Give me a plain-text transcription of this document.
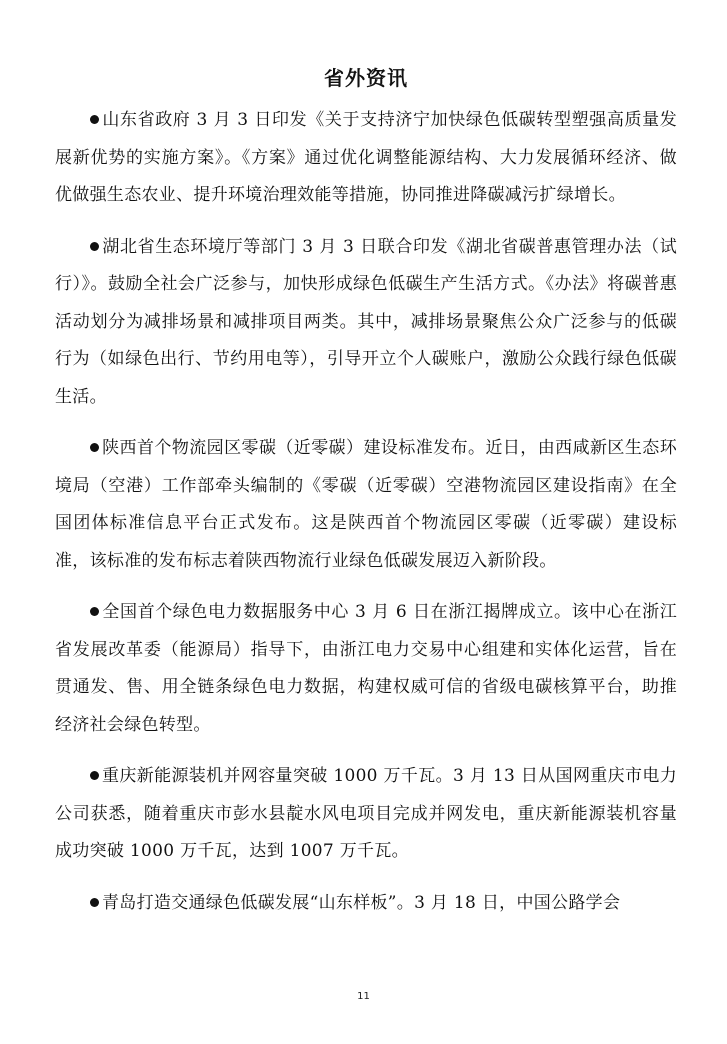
省外资讯

山东省政府 3 月 3 日印发《关于支持济宁加快绿色低碳转型塑强高质量发展新优势的实施方案》。《方案》通过优化调整能源结构、大力发展循环经济、做优做强生态农业、提升环境治理效能等措施，协同推进降碳减污扩绿增长。

湖北省生态环境厅等部门 3 月 3 日联合印发《湖北省碳普惠管理办法（试行）》。鼓励全社会广泛参与，加快形成绿色低碳生产生活方式。《办法》将碳普惠活动划分为减排场景和减排项目两类。其中，减排场景聚焦公众广泛参与的低碳行为（如绿色出行、节约用电等），引导开立个人碳账户，激励公众践行绿色低碳生活。

陕西首个物流园区零碳（近零碳）建设标准发布。近日，由西咸新区生态环境局（空港）工作部牵头编制的《零碳（近零碳）空港物流园区建设指南》在全国团体标准信息平台正式发布。这是陕西首个物流园区零碳（近零碳）建设标准，该标准的发布标志着陕西物流行业绿色低碳发展迈入新阶段。

全国首个绿色电力数据服务中心 3 月 6 日在浙江揭牌成立。该中心在浙江省发展改革委（能源局）指导下，由浙江电力交易中心组建和实体化运营，旨在贯通发、售、用全链条绿色电力数据，构建权威可信的省级电碳核算平台，助推经济社会绿色转型。

重庆新能源装机并网容量突破 1000 万千瓦。3 月 13 日从国网重庆市电力公司获悉，随着重庆市彭水县靛水风电项目完成并网发电，重庆新能源装机容量成功突破 1000 万千瓦，达到 1007 万千瓦。

青岛打造交通绿色低碳发展“山东样板”。3 月 18 日，中国公路学会

11
